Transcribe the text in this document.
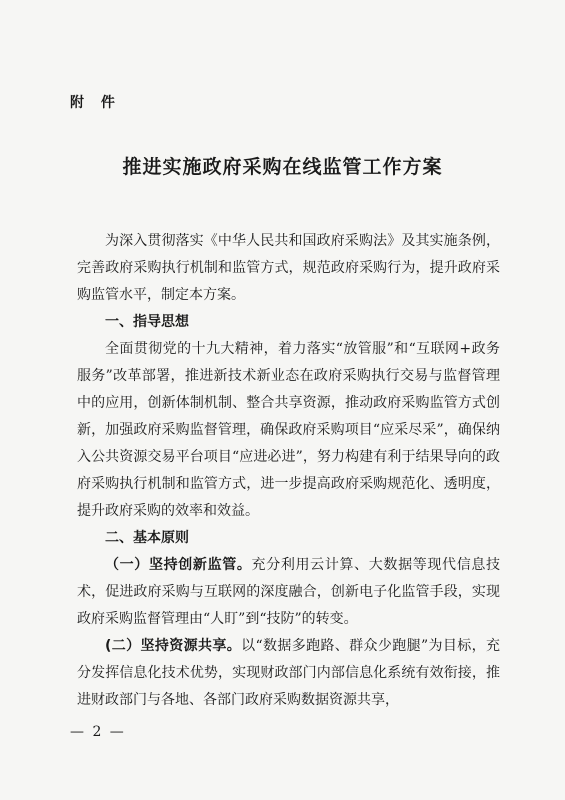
附 件
推进实施政府采购在线监管工作方案

为深入贯彻落实《中华人民共和国政府采购法》及其实施条例，完善政府采购执行机制和监管方式，规范政府采购行为，提升政府采购监管水平，制定本方案。

一、指导思想

全面贯彻党的十九大精神，着力落实“放管服”和“互联网+政务服务”改革部署，推进新技术新业态在政府采购执行交易与监督管理中的应用，创新体制机制、整合共享资源，推动政府采购监管方式创新，加强政府采购监督管理，确保政府采购项目“应采尽采”，确保纳入公共资源交易平台项目“应进必进”，努力构建有利于结果导向的政府采购执行机制和监管方式，进一步提高政府采购规范化、透明度，提升政府采购的效率和效益。

二、基本原则

（一）坚持创新监管。充分利用云计算、大数据等现代信息技术，促进政府采购与互联网的深度融合，创新电子化监管手段，实现政府采购监督管理由“人盯”到“技防”的转变。

(二）坚持资源共享。以“数据多跑路、群众少跑腿”为目标，充分发挥信息化技术优势，实现财政部门内部信息化系统有效衔接，推进财政部门与各地、各部门政府采购数据资源共享，

— 2 —
